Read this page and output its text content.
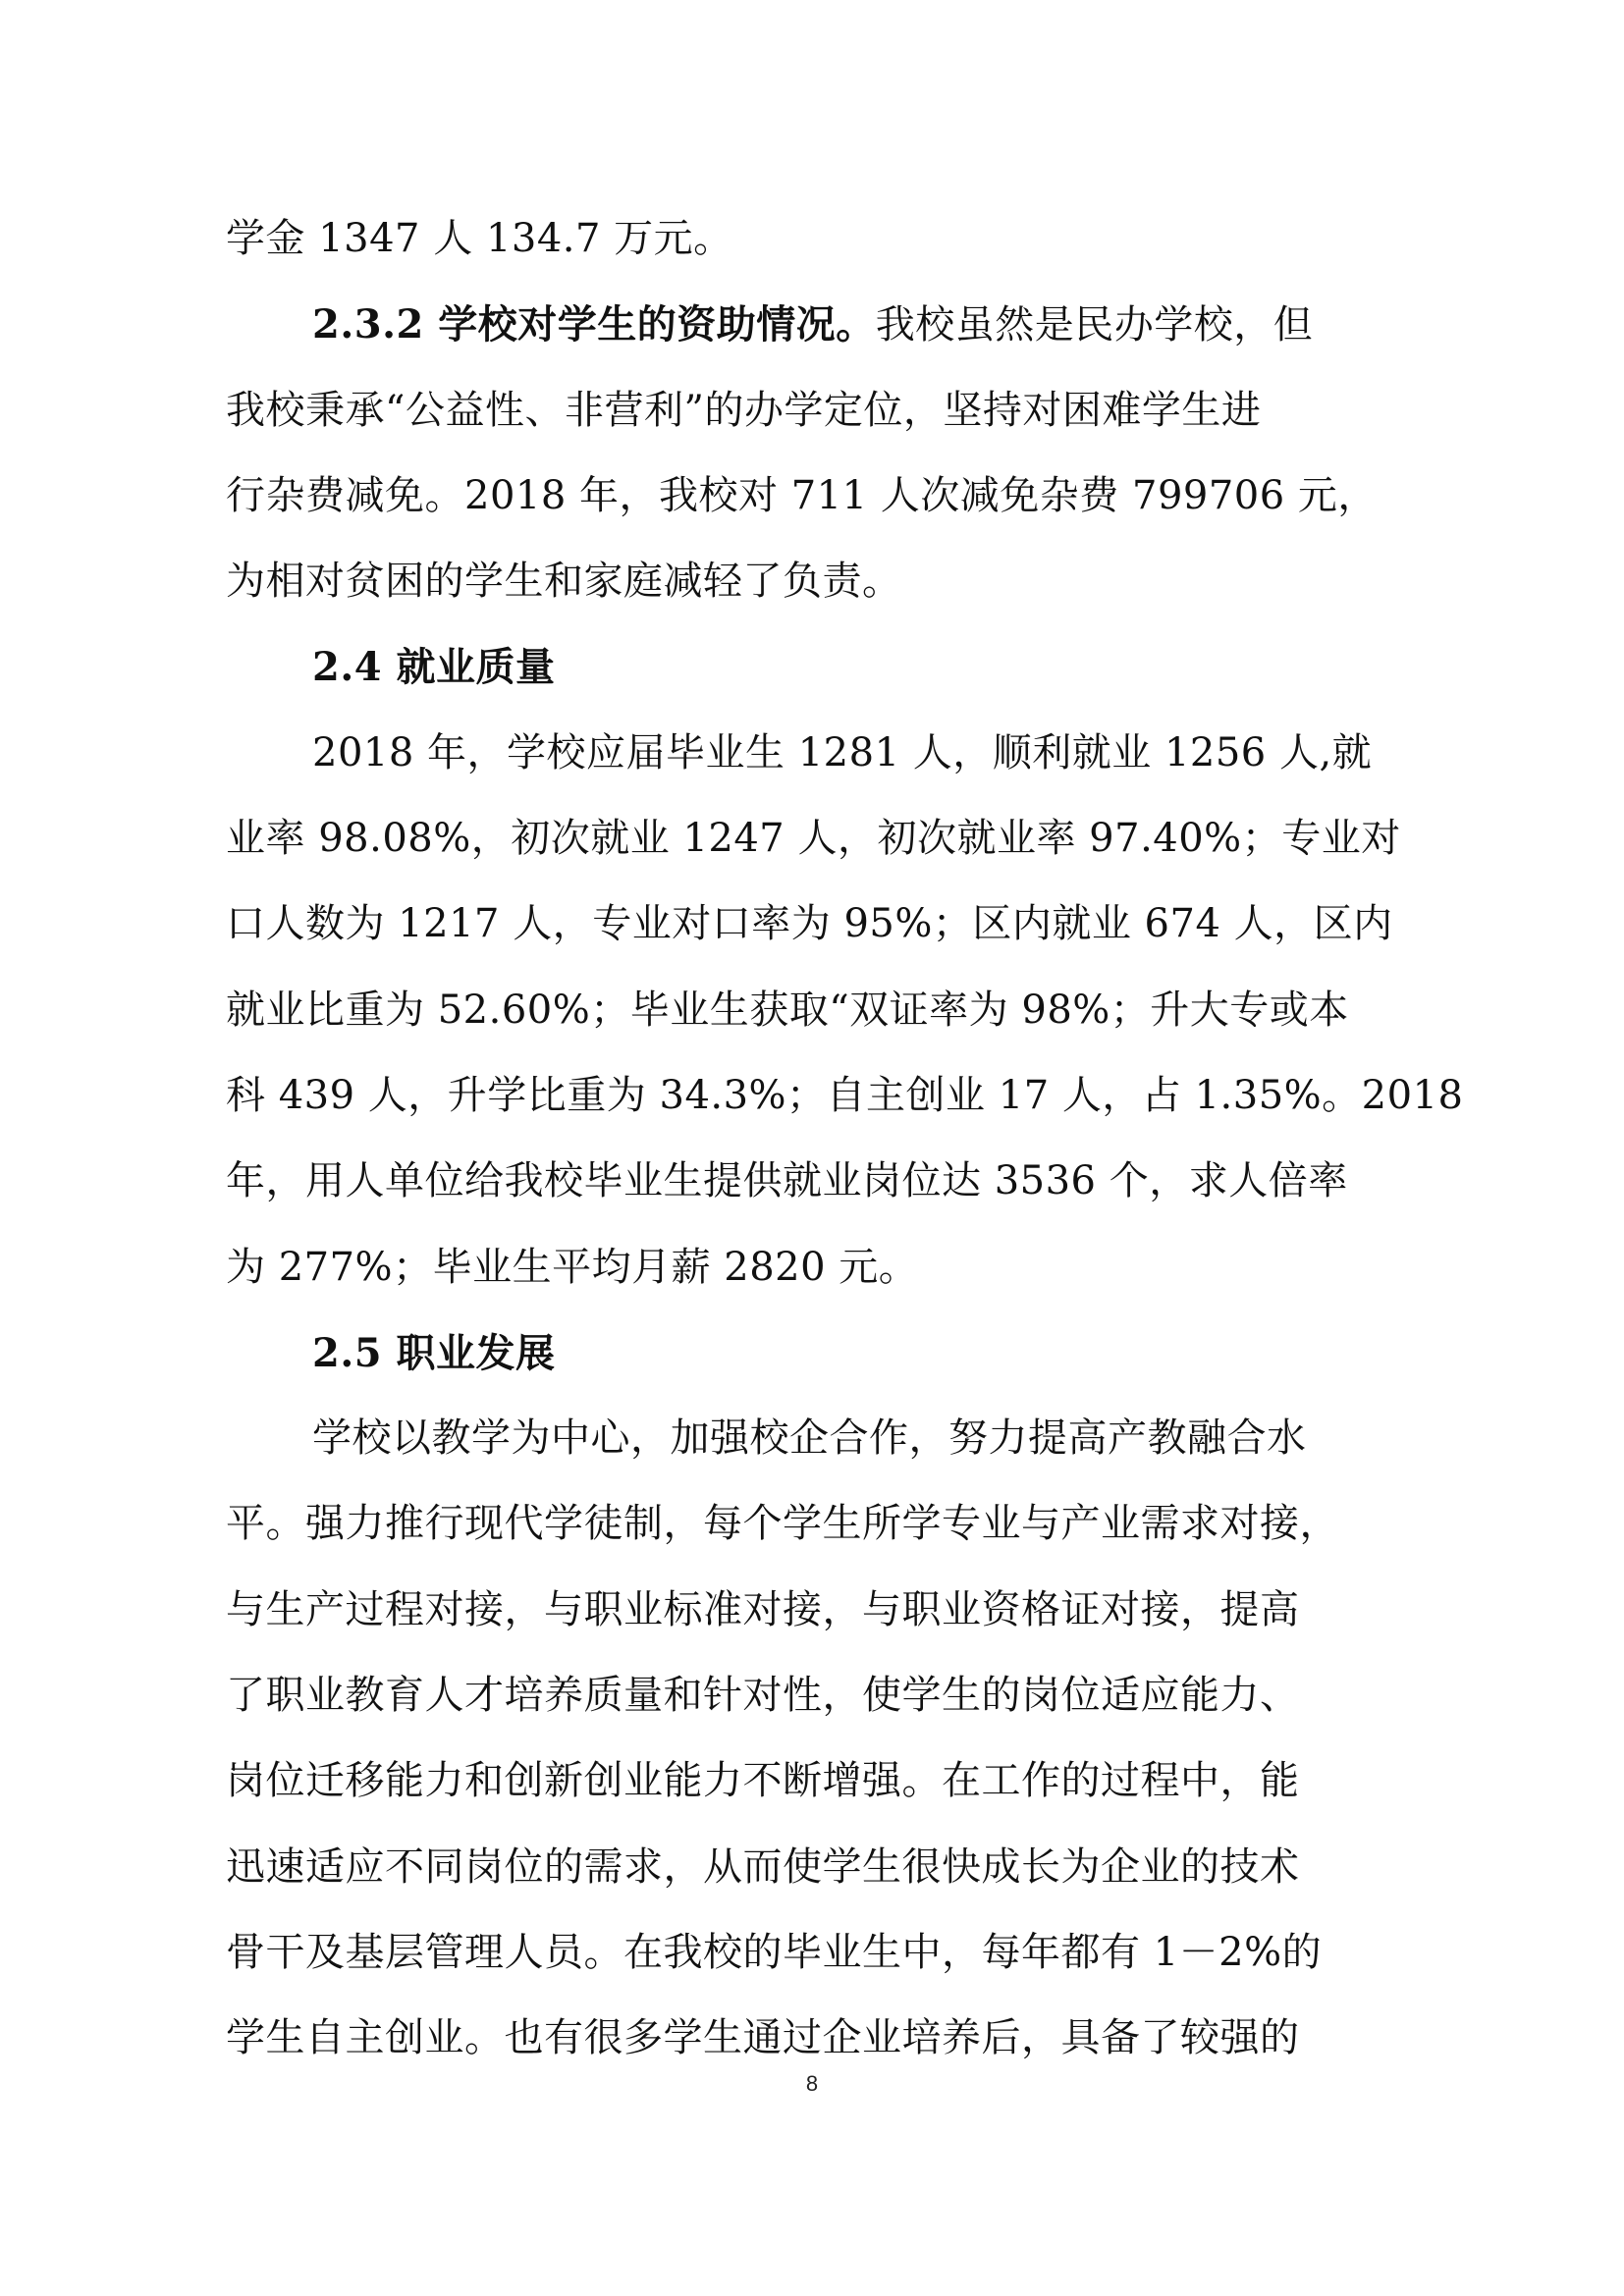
学金 1347 人 134.7 万元。
2.3.2 学校对学生的资助情况。我校虽然是民办学校，但
我校秉承“公益性、非营利”的办学定位，坚持对困难学生进
行杂费减免。2018 年，我校对 711 人次减免杂费 799706 元，
为相对贫困的学生和家庭减轻了负责。
2.4 就业质量
2018 年，学校应届毕业生 1281 人，顺利就业 1256 人,就
业率 98.08%，初次就业 1247 人，初次就业率 97.40%；专业对
口人数为 1217 人，专业对口率为 95%；区内就业 674 人，区内
就业比重为 52.60%；毕业生获取“双证率为 98%；升大专或本
科 439 人，升学比重为 34.3%；自主创业 17 人，占 1.35%。2018
年，用人单位给我校毕业生提供就业岗位达 3536 个，求人倍率
为 277%；毕业生平均月薪 2820 元。
2.5 职业发展
学校以教学为中心，加强校企合作，努力提高产教融合水
平。强力推行现代学徒制，每个学生所学专业与产业需求对接，
与生产过程对接，与职业标准对接，与职业资格证对接，提高
了职业教育人才培养质量和针对性，使学生的岗位适应能力、
岗位迁移能力和创新创业能力不断增强。在工作的过程中，能
迅速适应不同岗位的需求，从而使学生很快成长为企业的技术
骨干及基层管理人员。在我校的毕业生中，每年都有 1－2%的
学生自主创业。也有很多学生通过企业培养后，具备了较强的
8
